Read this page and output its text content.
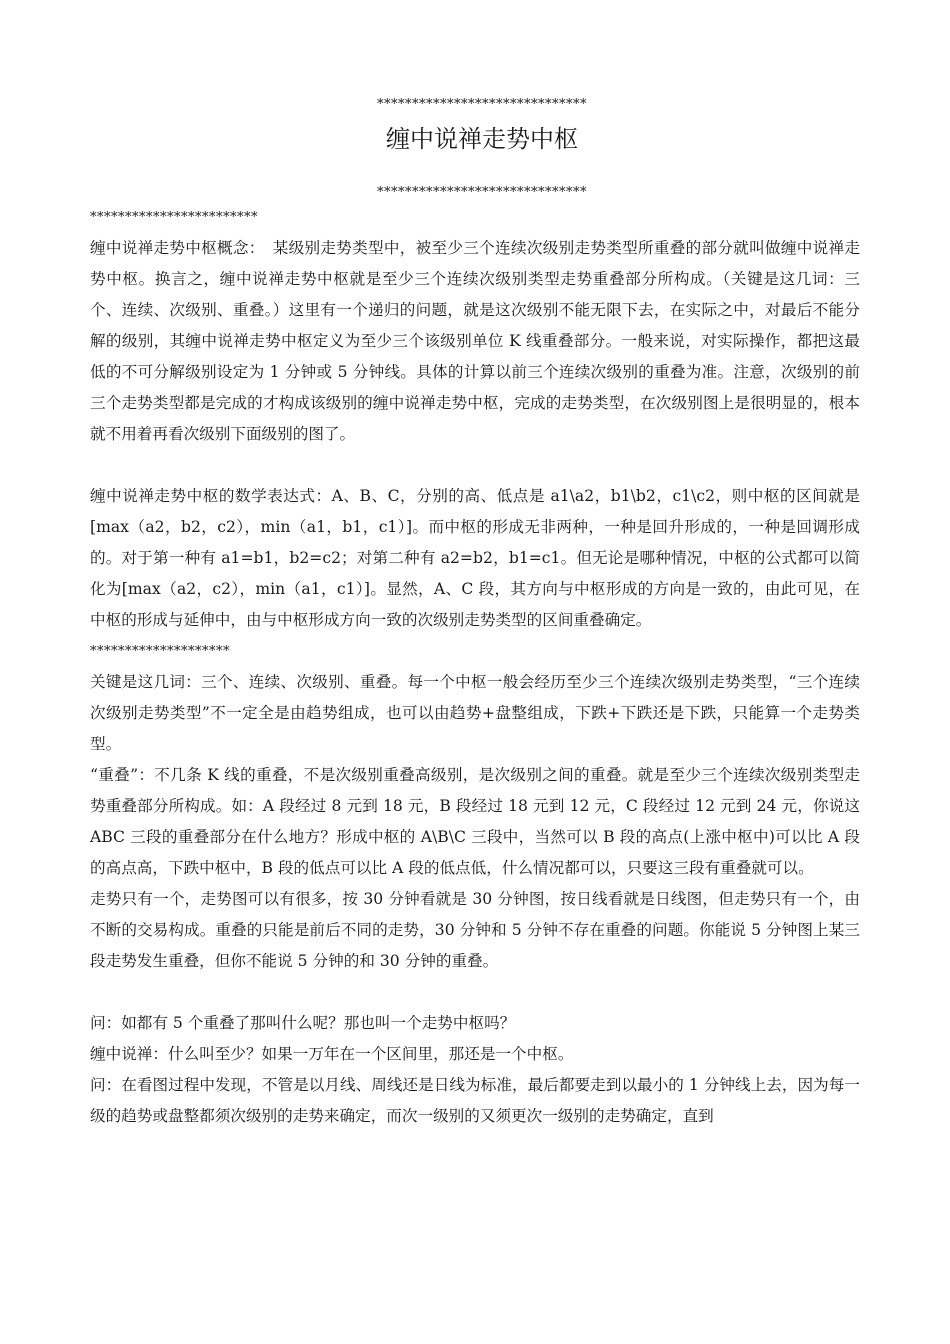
******************************
缠中说禅走势中枢
******************************

************************

缠中说禅走势中枢概念：　某级别走势类型中，被至少三个连续次级别走势类型所重叠的部分就叫做缠中说禅走势中枢。换言之，缠中说禅走势中枢就是至少三个连续次级别类型走势重叠部分所构成。（关键是这几词：三个、连续、次级别、重叠。）这里有一个递归的问题，就是这次级别不能无限下去，在实际之中，对最后不能分解的级别，其缠中说禅走势中枢定义为至少三个该级别单位 K 线重叠部分。一般来说，对实际操作，都把这最低的不可分解级别设定为 1 分钟或 5 分钟线。具体的计算以前三个连续次级别的重叠为准。注意，次级别的前三个走势类型都是完成的才构成该级别的缠中说禅走势中枢，完成的走势类型，在次级别图上是很明显的，根本就不用着再看次级别下面级别的图了。

缠中说禅走势中枢的数学表达式：A、B、C，分别的高、低点是 a1\a2，b1\b2，c1\c2，则中枢的区间就是[max（a2，b2，c2），min（a1，b1，c1）]。而中枢的形成无非两种，一种是回升形成的，一种是回调形成的。对于第一种有 a1=b1，b2=c2；对第二种有 a2=b2，b1=c1。但无论是哪种情况，中枢的公式都可以简化为[max（a2，c2），min（a1，c1）]。显然，A、C 段，其方向与中枢形成的方向是一致的，由此可见，在中枢的形成与延伸中，由与中枢形成方向一致的次级别走势类型的区间重叠确定。

********************

关键是这几词：三个、连续、次级别、重叠。每一个中枢一般会经历至少三个连续次级别走势类型，“三个连续次级别走势类型”不一定全是由趋势组成，也可以由趋势+盘整组成，下跌+下跌还是下跌，只能算一个走势类型。

“重叠”：不几条 K 线的重叠，不是次级别重叠高级别，是次级别之间的重叠。就是至少三个连续次级别类型走势重叠部分所构成。如：A 段经过 8 元到 18 元，B 段经过 18 元到 12 元，C 段经过 12 元到 24 元，你说这 ABC 三段的重叠部分在什么地方？形成中枢的 A\B\C 三段中，当然可以 B 段的高点(上涨中枢中)可以比 A 段的高点高，下跌中枢中，B 段的低点可以比 A 段的低点低，什么情况都可以，只要这三段有重叠就可以。

走势只有一个，走势图可以有很多，按 30 分钟看就是 30 分钟图，按日线看就是日线图，但走势只有一个，由不断的交易构成。重叠的只能是前后不同的走势，30 分钟和 5 分钟不存在重叠的问题。你能说 5 分钟图上某三段走势发生重叠，但你不能说 5 分钟的和 30 分钟的重叠。

问：如都有 5 个重叠了那叫什么呢？那也叫一个走势中枢吗？

缠中说禅：什么叫至少？如果一万年在一个区间里，那还是一个中枢。

问：在看图过程中发现，不管是以月线、周线还是日线为标准，最后都要走到以最小的 1 分钟线上去，因为每一级的趋势或盘整都须次级别的走势来确定，而次一级别的又须更次一级别的走势确定，直到
